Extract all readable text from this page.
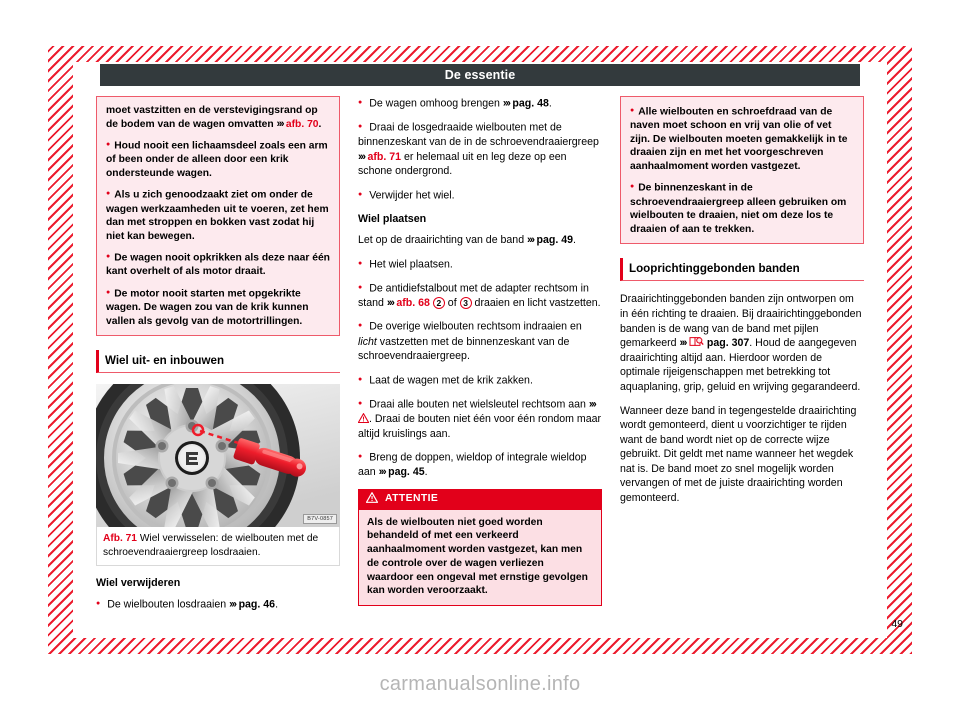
De essentie

moet vastzitten en de verstevigingsrand op de bodem van de wagen omvatten ››› afb. 70.

● Houd nooit een lichaamsdeel zoals een arm of been onder de alleen door een krik ondersteunde wagen.

● Als u zich genoodzaakt ziet om onder de wagen werkzaamheden uit te voeren, zet hem dan met stroppen en bokken vast zodat hij niet kan bewegen.

● De wagen nooit opkrikken als deze naar één kant overhelt of als motor draait.

● De motor nooit starten met opgekrikte wagen. De wagen zou van de krik kunnen vallen als gevolg van de motortrillingen.

Wiel uit- en inbouwen
B7V-0857
Afb. 71 Wiel verwisselen: de wielbouten met de schroevendraaiergreep losdraaien.
Wiel verwijderen
● De wielbouten losdraaien ››› pag. 46.
● De wagen omhoog brengen ››› pag. 48.
● Draai de losgedraaide wielbouten met de binnenzeskant van de in de schroevendraaiergreep ››› afb. 71 er helemaal uit en leg deze op een schone ondergrond.
● Verwijder het wiel.
Wiel plaatsen
Let op de draairichting van de band ››› pag. 49.
● Het wiel plaatsen.
● De antidiefstalbout met de adapter rechtsom in stand ››› afb. 68 2 of 3 draaien en licht vastzetten.
● De overige wielbouten rechtsom indraaien en licht vastzetten met de binnenzeskant van de schroevendraaiergreep.
● Laat de wagen met de krik zakken.
● Draai alle bouten net wielsleutel rechtsom aan ›››
. Draai de bouten niet één voor één rondom maar altijd kruislings aan.
● Breng de doppen, wieldop of integrale wieldop aan ››› pag. 45.
ATTENTIE
Als de wielbouten niet goed worden behandeld of met een verkeerd aanhaalmoment worden vastgezet, kan men de controle over de wagen verliezen waardoor een ongeval met ernstige gevolgen kan worden veroorzaakt.

● Alle wielbouten en schroefdraad van de naven moet schoon en vrij van olie of vet zijn. De wielbouten moeten gemakkelijk in te draaien zijn en met het voorgeschreven aanhaalmoment worden vastgezet.

● De binnenzeskant in de schroevendraaiergreep alleen gebruiken om wielbouten te draaien, niet om deze los te draaien of aan te trekken.

Looprichtinggebonden banden
Draairichtinggebonden banden zijn ontworpen om in één richting te draaien. Bij draairichtinggebonden banden is de wang van de band met pijlen gemarkeerd ››› pag. 307. Houd de aangegeven draairichting altijd aan. Hierdoor worden de optimale rijeigenschappen met betrekking tot aquaplaning, grip, geluid en wrijving gegarandeerd.
Wanneer deze band in tegengestelde draairichting wordt gemonteerd, dient u voorzichtiger te rijden want de band wordt niet op de correcte wijze gebruikt. Dit geldt met name wanneer het wegdek nat is. De band moet zo snel mogelijk worden vervangen of met de juiste draairichting worden gemonteerd.
49
carmanualsonline.info
